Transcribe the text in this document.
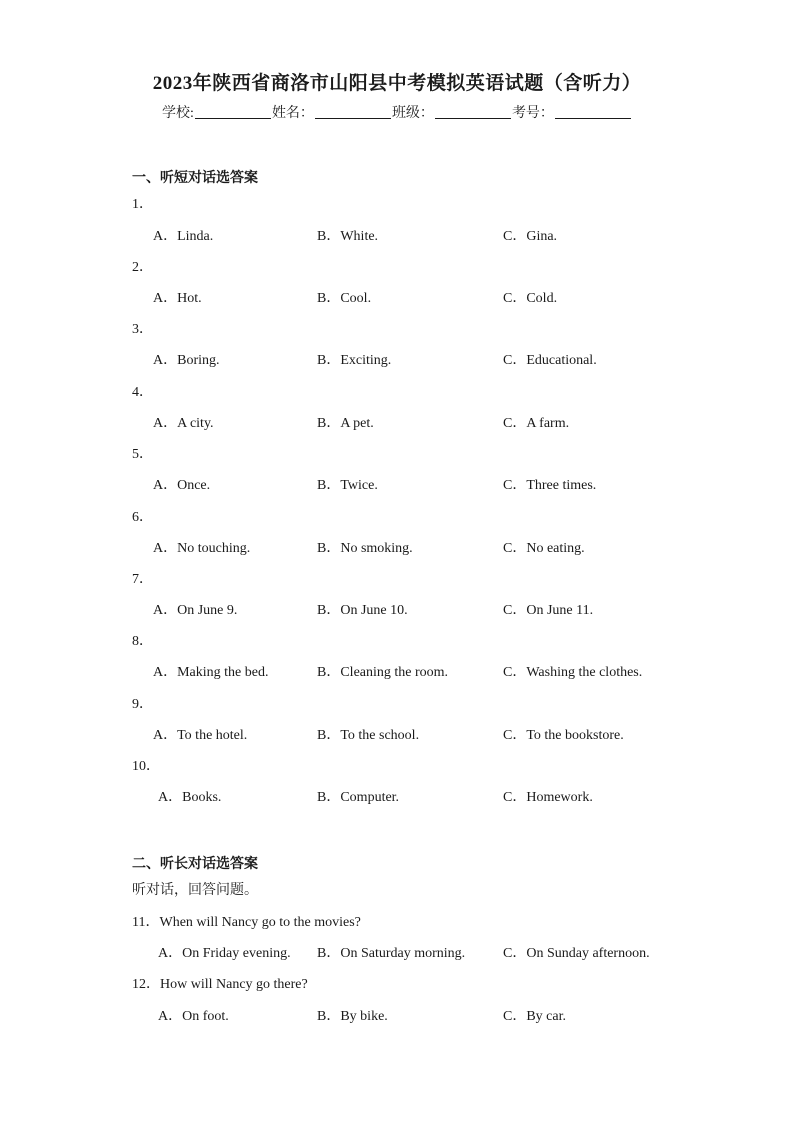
2023年陕西省商洛市山阳县中考模拟英语试题（含听力）
学校:	姓名：	班级：	考号：
一、听短对话选答案
1．
A．Linda.	B．White.	C．Gina.
2．
A．Hot.	B．Cool.	C．Cold.
3．
A．Boring.	B．Exciting.	C．Educational.
4．
A．A city.	B．A pet.	C．A farm.
5．
A．Once.	B．Twice.	C．Three times.
6．
A．No touching.	B．No smoking.	C．No eating.
7．
A．On June 9.	B．On June 10.	C．On June 11.
8．
A．Making the bed.	B．Cleaning the room.	C．Washing the clothes.
9．
A．To the hotel.	B．To the school.	C．To the bookstore.
10．
A．Books.	B．Computer.	C．Homework.
二、听长对话选答案
听对话，回答问题。
11．When will Nancy go to the movies?
A．On Friday evening. B．On Saturday morning.	C．On Sunday afternoon.
12．How will Nancy go there?
A．On foot.	B．By bike.	C．By car.
